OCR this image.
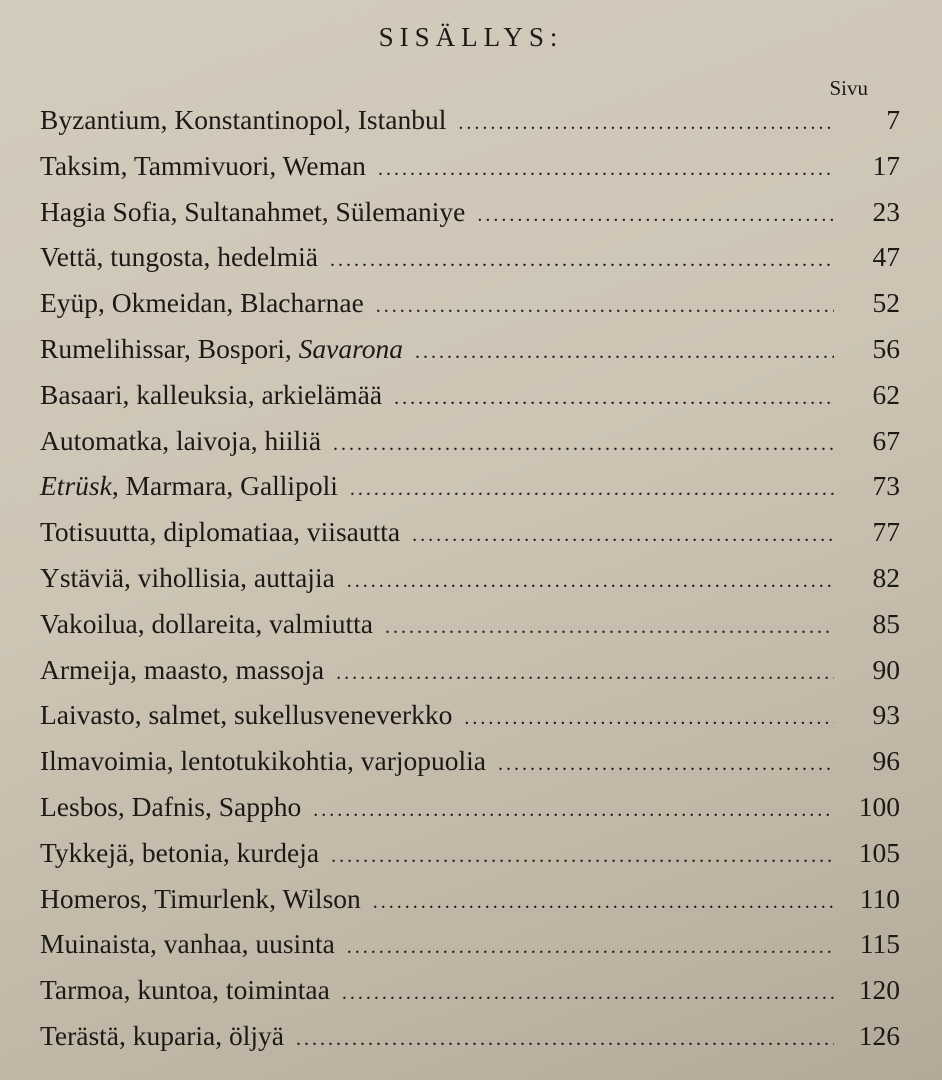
SISÄLLYS:
Sivu
Byzantium, Konstantinopol, Istanbul .....	7
Taksim, Tammivuori, Weman .....	17
Hagia Sofia, Sultanahmet, Sülemaniye .....	23
Vettä, tungosta, hedelmiä .....	47
Eyüp, Okmeidan, Blacharnae .....	52
Rumelihissar, Bospori, Savarona .....	56
Basaari, kalleuksia, arkielämää .....	62
Automatka, laivoja, hiiliä .....	67
Etrüsk, Marmara, Gallipoli .....	73
Totisuutta, diplomatiaa, viisautta .....	77
Ystäviä, vihollisia, auttajia .....	82
Vakoilua, dollareita, valmiutta .....	85
Armeija, maasto, massoja .....	90
Laivasto, salmet, sukellusveneverkko .....	93
Ilmavoimia, lentotukikohtia, varjopuolia .....	96
Lesbos, Dafnis, Sappho .....	100
Tykkejä, betonia, kurdeja .....	105
Homeros, Timurlenk, Wilson .....	110
Muinaista, vanhaa, uusinta .....	115
Tarmoa, kuntoa, toimintaa .....	120
Terästä, kuparia, öljyä .....	126
